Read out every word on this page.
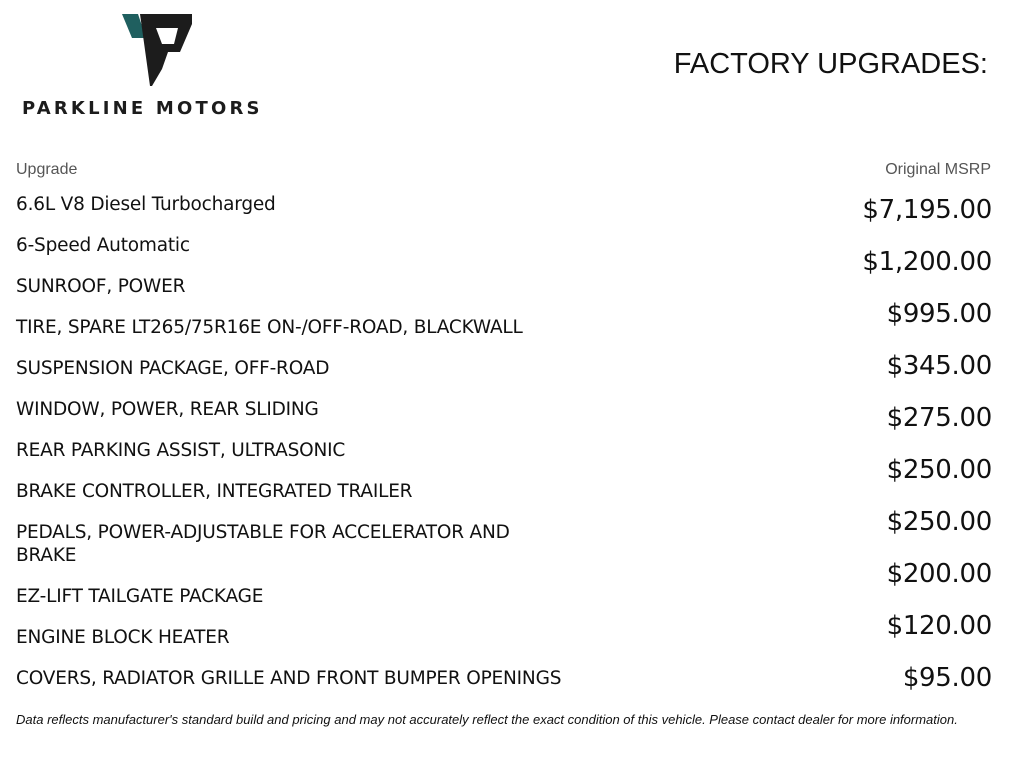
PARKLINE MOTORS
FACTORY UPGRADES:
Upgrade	Original MSRP
6.6L V8 Diesel Turbocharged
6-Speed Automatic
SUNROOF, POWER
TIRE, SPARE LT265/75R16E ON-/OFF-ROAD, BLACKWALL
SUSPENSION PACKAGE, OFF-ROAD
WINDOW, POWER, REAR SLIDING
REAR PARKING ASSIST, ULTRASONIC
BRAKE CONTROLLER, INTEGRATED TRAILER
PEDALS, POWER-ADJUSTABLE FOR ACCELERATOR AND BRAKE
EZ-LIFT TAILGATE PACKAGE
ENGINE BLOCK HEATER
COVERS, RADIATOR GRILLE AND FRONT BUMPER OPENINGS
$7,195.00
$1,200.00
$995.00
$345.00
$275.00
$250.00
$250.00
$200.00
$120.00
$95.00
Data reflects manufacturer's standard build and pricing and may not accurately reflect the exact condition of this vehicle. Please contact dealer for more information.
